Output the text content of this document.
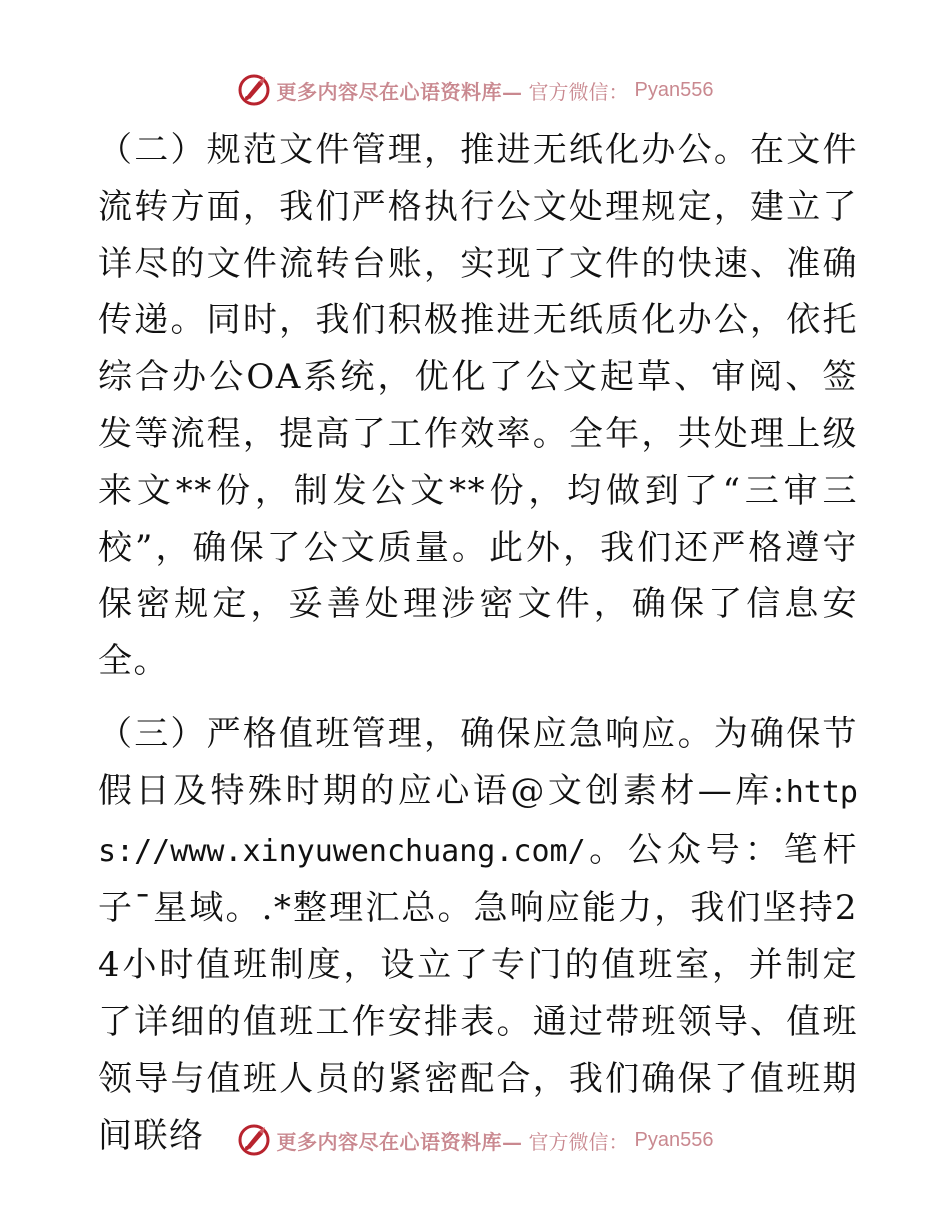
更多内容尽在心语资料库— 官方微信： Pyan556

（二）规范文件管理，推进无纸化办公。在文件流转方面，我们严格执行公文处理规定，建立了详尽的文件流转台账，实现了文件的快速、准确传递。同时，我们积极推进无纸质化办公，依托综合办公OA系统，优化了公文起草、审阅、签发等流程，提高了工作效率。全年，共处理上级来文**份，制发公文**份，均做到了“三审三校”，确保了公文质量。此外，我们还严格遵守保密规定，妥善处理涉密文件，确保了信息安全。

（三）严格值班管理，确保应急响应。为确保节假日及特殊时期的应心语@文创素材—库:https://www.xinyuwenchuang.com/。公众号：笔杆子¯星域。.*整理汇总。急响应能力，我们坚持24小时值班制度，设立了专门的值班室，并制定了详细的值班工作安排表。通过带班领导、值班领导与值班人员的紧密配合，我们确保了值班期间联络	更多内容尽在心语资料库— 官方微信： Pyan556
